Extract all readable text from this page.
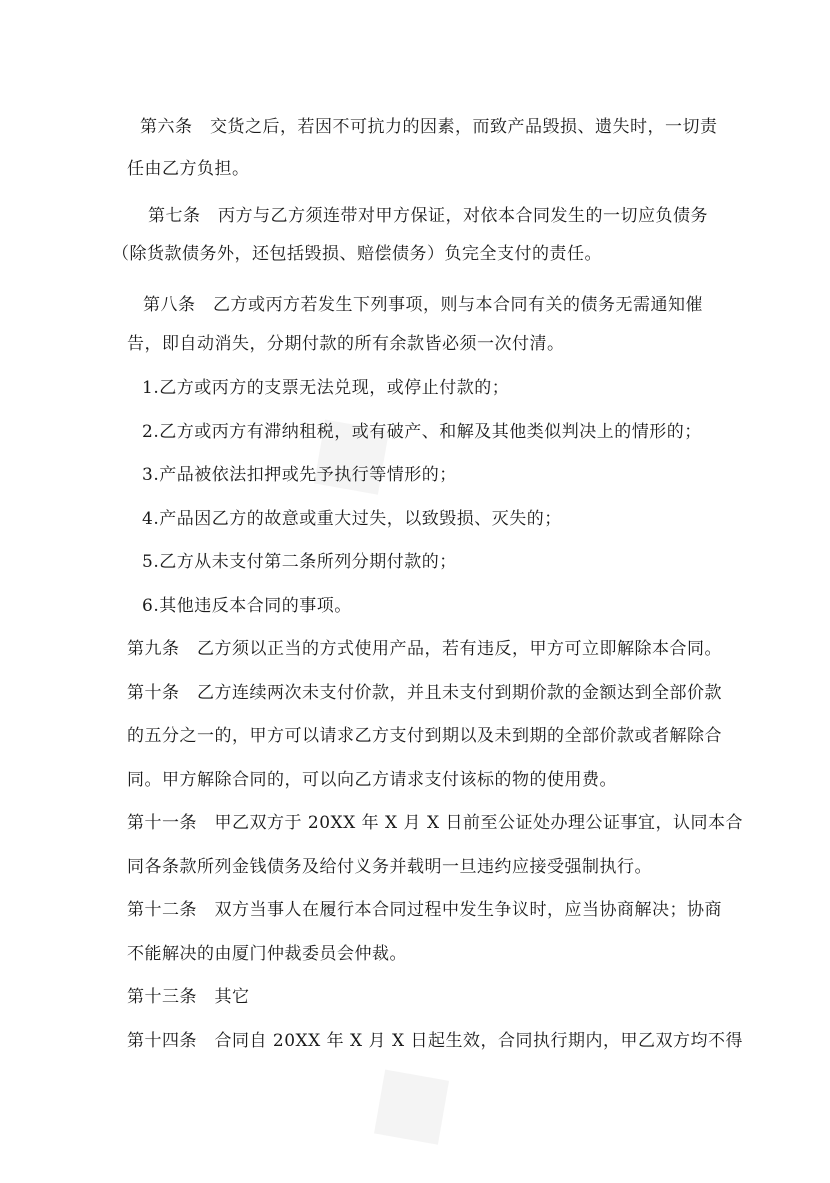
第六条　交货之后，若因不可抗力的因素，而致产品毁损、遗失时，一切责
任由乙方负担。
第七条　丙方与乙方须连带对甲方保证，对依本合同发生的一切应负债务
（除货款债务外，还包括毁损、赔偿债务）负完全支付的责任。
第八条　乙方或丙方若发生下列事项，则与本合同有关的债务无需通知催
告，即自动消失，分期付款的所有余款皆必须一次付清。
1.乙方或丙方的支票无法兑现，或停止付款的；
2.乙方或丙方有滞纳租税，或有破产、和解及其他类似判决上的情形的；
3.产品被依法扣押或先予执行等情形的；
4.产品因乙方的故意或重大过失，以致毁损、灭失的；
5.乙方从未支付第二条所列分期付款的；
6.其他违反本合同的事项。
第九条　乙方须以正当的方式使用产品，若有违反，甲方可立即解除本合同。
第十条　乙方连续两次未支付价款，并且未支付到期价款的金额达到全部价款
的五分之一的，甲方可以请求乙方支付到期以及未到期的全部价款或者解除合
同。甲方解除合同的，可以向乙方请求支付该标的物的使用费。
第十一条　甲乙双方于 20XX 年 X 月 X 日前至公证处办理公证事宜，认同本合
同各条款所列金钱债务及给付义务并载明一旦违约应接受强制执行。
第十二条　双方当事人在履行本合同过程中发生争议时，应当协商解决；协商
不能解决的由厦门仲裁委员会仲裁。
第十三条　其它
第十四条　合同自 20XX 年 X 月 X 日起生效，合同执行期内，甲乙双方均不得
